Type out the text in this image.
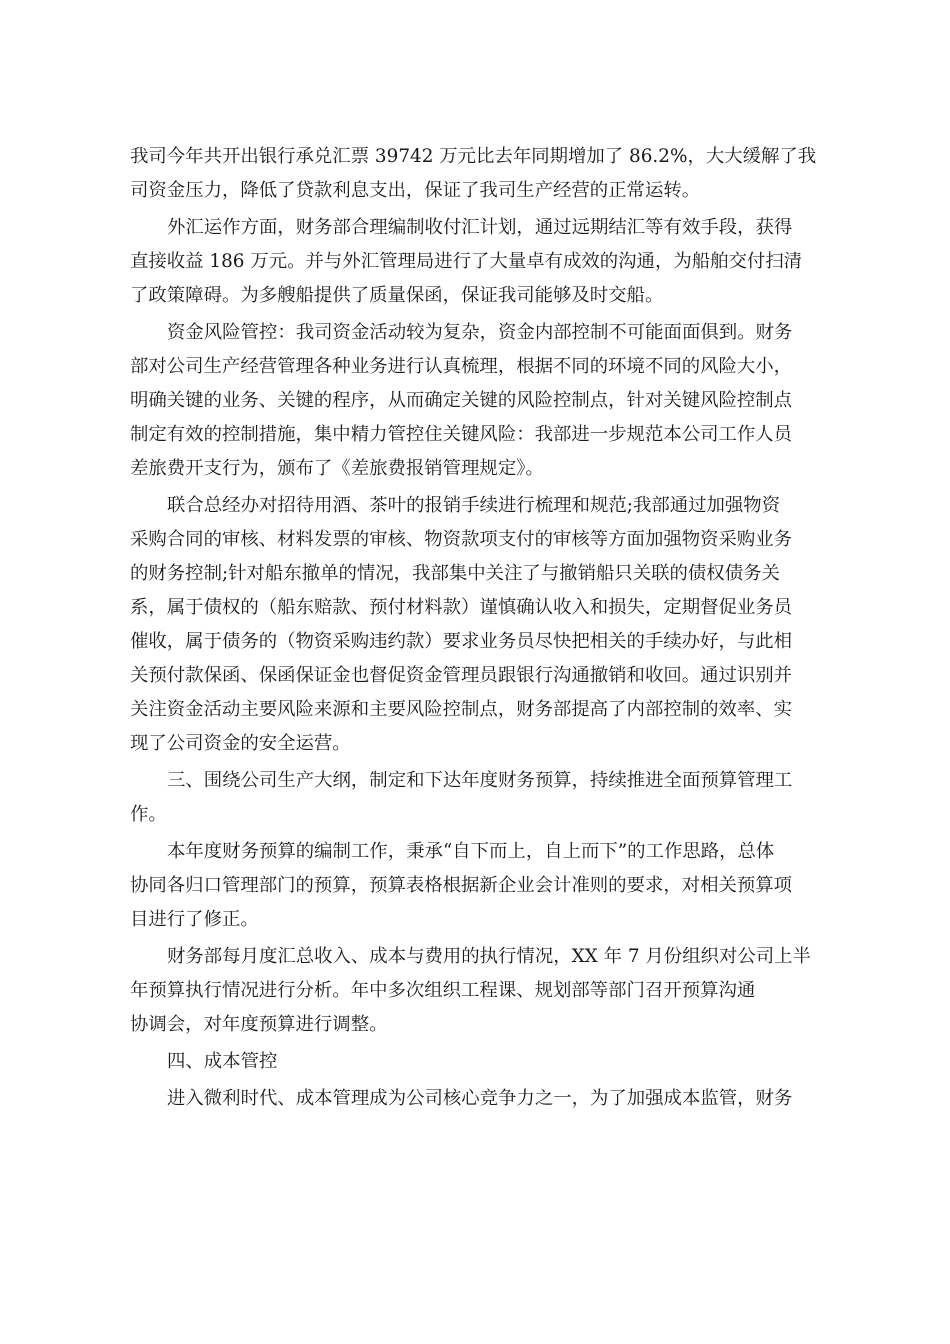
我司今年共开出银行承兑汇票 39742 万元比去年同期增加了 86.2%，大大缓解了我
司资金压力，降低了贷款利息支出，保证了我司生产经营的正常运转。
外汇运作方面，财务部合理编制收付汇计划，通过远期结汇等有效手段，获得
直接收益 186 万元。并与外汇管理局进行了大量卓有成效的沟通，为船舶交付扫清
了政策障碍。为多艘船提供了质量保函，保证我司能够及时交船。
资金风险管控：我司资金活动较为复杂，资金内部控制不可能面面俱到。财务
部对公司生产经营管理各种业务进行认真梳理，根据不同的环境不同的风险大小，
明确关键的业务、关键的程序，从而确定关键的风险控制点，针对关键风险控制点
制定有效的控制措施，集中精力管控住关键风险：我部进一步规范本公司工作人员
差旅费开支行为，颁布了《差旅费报销管理规定》。
联合总经办对招待用酒、茶叶的报销手续进行梳理和规范;我部通过加强物资
采购合同的审核、材料发票的审核、物资款项支付的审核等方面加强物资采购业务
的财务控制;针对船东撤单的情况，我部集中关注了与撤销船只关联的债权债务关
系，属于债权的（船东赔款、预付材料款）谨慎确认收入和损失，定期督促业务员
催收，属于债务的（物资采购违约款）要求业务员尽快把相关的手续办好，与此相
关预付款保函、保函保证金也督促资金管理员跟银行沟通撤销和收回。通过识别并
关注资金活动主要风险来源和主要风险控制点，财务部提高了内部控制的效率、实
现了公司资金的安全运营。
三、围绕公司生产大纲，制定和下达年度财务预算，持续推进全面预算管理工
作。
本年度财务预算的编制工作，秉承“自下而上，自上而下”的工作思路，总体
协同各归口管理部门的预算，预算表格根据新企业会计准则的要求，对相关预算项
目进行了修正。
财务部每月度汇总收入、成本与费用的执行情况，XX 年 7 月份组织对公司上半
年预算执行情况进行分析。年中多次组织工程课、规划部等部门召开预算沟通
协调会，对年度预算进行调整。
四、成本管控
进入微利时代、成本管理成为公司核心竞争力之一，为了加强成本监管，财务
